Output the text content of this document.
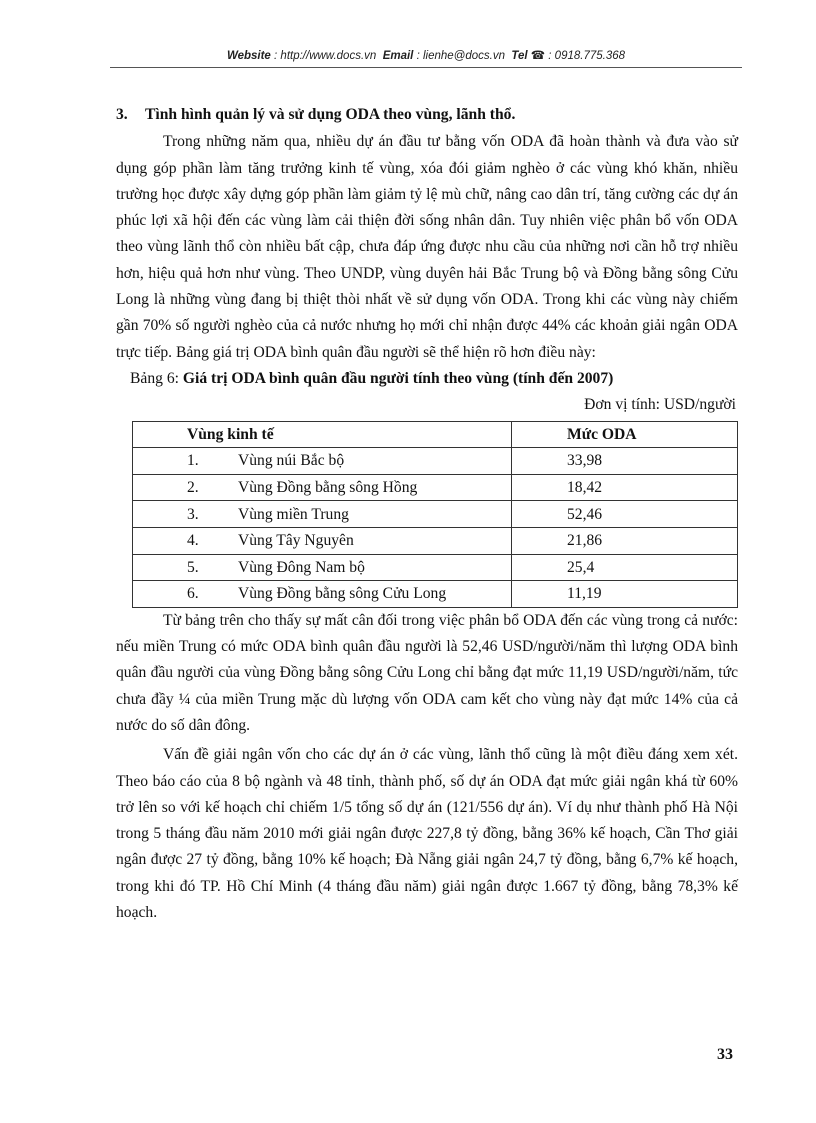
Website : http://www.docs.vn Email : lienhe@docs.vn Tel ☎ : 0918.775.368
3. Tình hình quản lý và sử dụng ODA theo vùng, lãnh thổ.

Trong những năm qua, nhiều dự án đầu tư bằng vốn ODA đã hoàn thành và đưa vào sử dụng góp phần làm tăng trưởng kinh tế vùng, xóa đói giảm nghèo ở các vùng khó khăn, nhiều trường học được xây dựng góp phần làm giảm tỷ lệ mù chữ, nâng cao dân trí, tăng cường các dự án phúc lợi xã hội đến các vùng làm cải thiện đời sống nhân dân. Tuy nhiên việc phân bổ vốn ODA theo vùng lãnh thổ còn nhiều bất cập, chưa đáp ứng được nhu cầu của những nơi cần hỗ trợ nhiều hơn, hiệu quả hơn như vùng. Theo UNDP, vùng duyên hải Bắc Trung bộ và Đồng bằng sông Cửu Long là những vùng đang bị thiệt thòi nhất về sử dụng vốn ODA. Trong khi các vùng này chiếm gần 70% số người nghèo của cả nước nhưng họ mới chỉ nhận được 44% các khoản giải ngân ODA trực tiếp. Bảng giá trị ODA bình quân đầu người sẽ thể hiện rõ hơn điều này:

Bảng 6: Giá trị ODA bình quân đầu người tính theo vùng (tính đến 2007)
Đơn vị tính: USD/người
Vùng kinh tế	Mức ODA
1. Vùng núi Bắc bộ	33,98
2. Vùng Đồng bằng sông Hồng	18,42
3. Vùng miền Trung	52,46
4. Vùng Tây Nguyên	21,86
5. Vùng Đông Nam bộ	25,4
6. Vùng Đồng bằng sông Cửu Long	11,19

Từ bảng trên cho thấy sự mất cân đối trong việc phân bổ ODA đến các vùng trong cả nước: nếu miền Trung có mức ODA bình quân đầu người là 52,46 USD/người/năm thì lượng ODA bình quân đầu người của vùng Đồng bằng sông Cửu Long chỉ bằng đạt mức 11,19 USD/người/năm, tức chưa đầy ¼ của miền Trung mặc dù lượng vốn ODA cam kết cho vùng này đạt mức 14% của cả nước do số dân đông.

Vấn đề giải ngân vốn cho các dự án ở các vùng, lãnh thổ cũng là một điều đáng xem xét. Theo báo cáo của 8 bộ ngành và 48 tỉnh, thành phố, số dự án ODA đạt mức giải ngân khá từ 60% trở lên so với kế hoạch chỉ chiếm 1/5 tổng số dự án (121/556 dự án). Ví dụ như thành phố Hà Nội trong 5 tháng đầu năm 2010 mới giải ngân được 227,8 tỷ đồng, bằng 36% kế hoạch, Cần Thơ giải ngân được 27 tỷ đồng, bằng 10% kế hoạch; Đà Nẵng giải ngân 24,7 tỷ đồng, bằng 6,7% kế hoạch, trong khi đó TP. Hồ Chí Minh (4 tháng đầu năm) giải ngân được 1.667 tỷ đồng, bằng 78,3% kế hoạch.

33
